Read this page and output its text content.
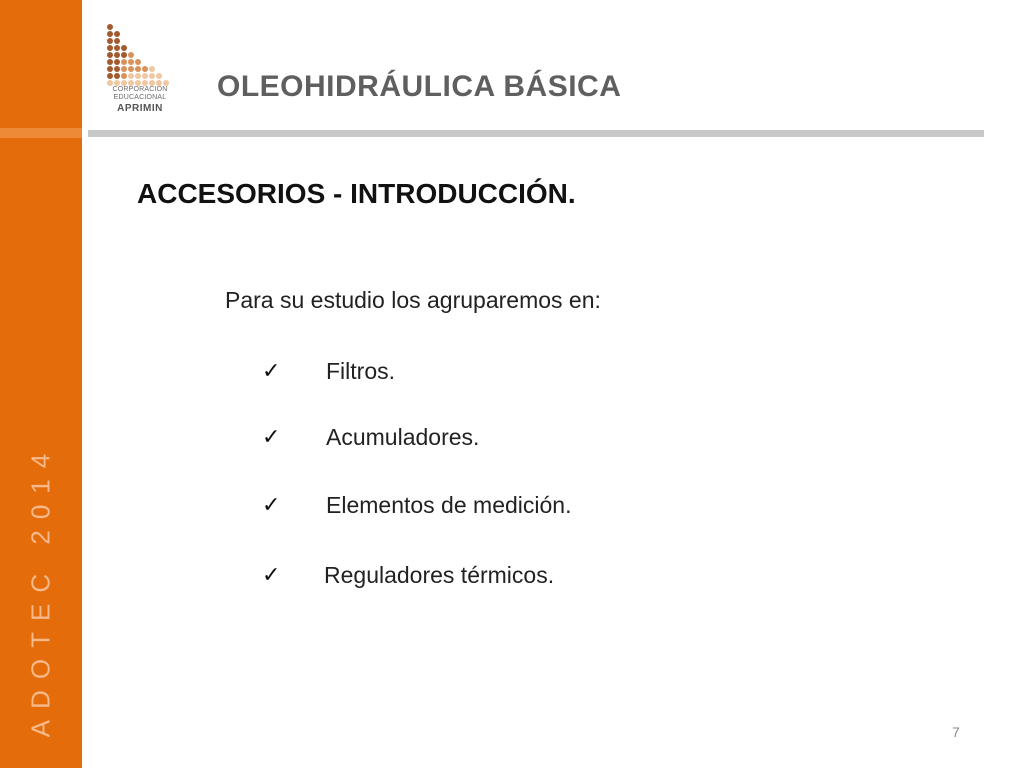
ADOTEC 2014
CORPORACION
EDUCACIONAL
APRIMIN
OLEOHIDRÁULICA BÁSICA
ACCESORIOS - INTRODUCCIÓN.
Para su estudio los agruparemos en:
✓ Filtros.
✓ Acumuladores.
✓ Elementos de medición.
✓ Reguladores térmicos.
7
